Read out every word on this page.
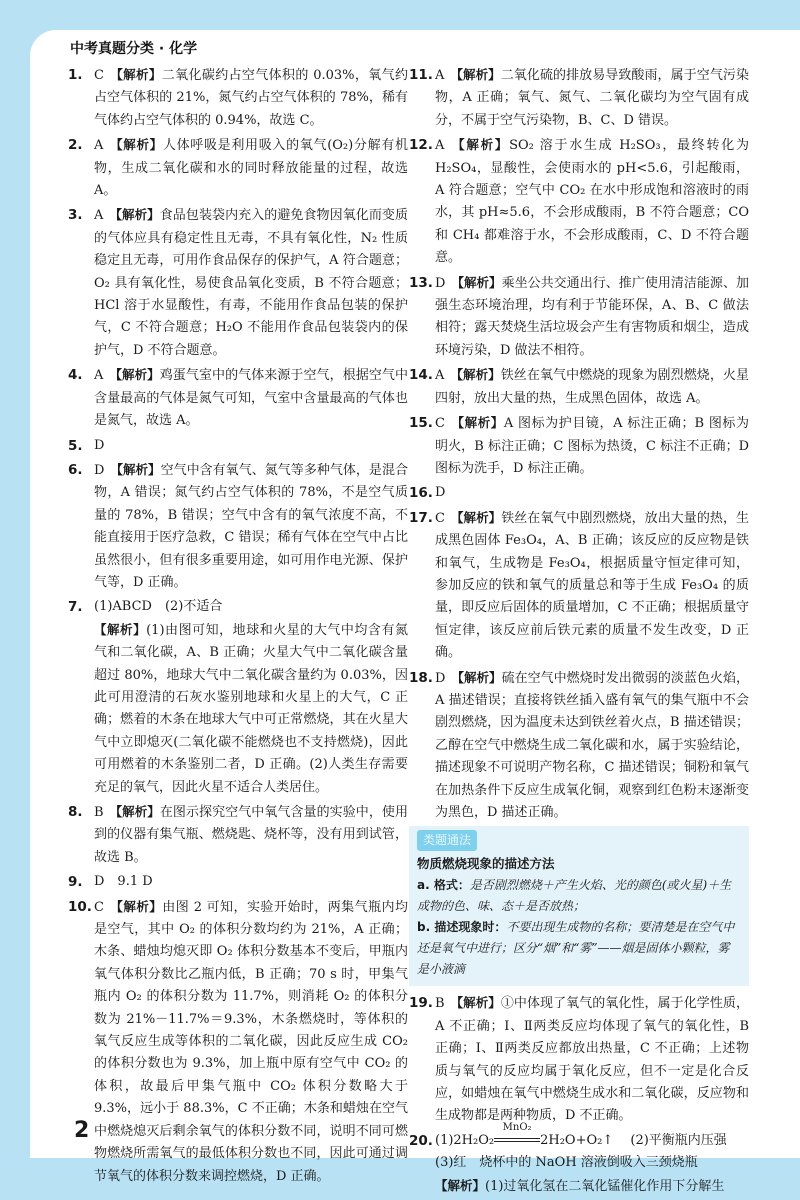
中考真题分类 · 化学
1. C 【解析】二氧化碳约占空气体积的 0.03%，氧气约占空气体积的 21%，氮气约占空气体积的 78%，稀有气体约占空气体积的 0.94%，故选 C。
2. A 【解析】人体呼吸是利用吸入的氧气(O₂)分解有机物，生成二氧化碳和水的同时释放能量的过程，故选 A。
3. A 【解析】食品包装袋内充入的避免食物因氧化而变质的气体应具有稳定性且无毒，不具有氧化性，N₂ 性质稳定且无毒，可用作食品保存的保护气，A 符合题意；O₂ 具有氧化性，易使食品氧化变质，B 不符合题意；HCl 溶于水显酸性，有毒，不能用作食品包装的保护气，C 不符合题意；H₂O 不能用作食品包装袋内的保护气，D 不符合题意。
4. A 【解析】鸡蛋气室中的气体来源于空气，根据空气中含量最高的气体是氮气可知，气室中含量最高的气体也是氮气，故选 A。
5. D
6. D 【解析】空气中含有氧气、氮气等多种气体，是混合物，A 错误；氮气约占空气体积的 78%，不是空气质量的 78%，B 错误；空气中含有的氧气浓度不高，不能直接用于医疗急救，C 错误；稀有气体在空气中占比虽然很小，但有很多重要用途，如可用作电光源、保护气等，D 正确。
7. (1)ABCD　(2)不适合
【解析】(1)由图可知，地球和火星的大气中均含有氮气和二氧化碳，A、B 正确；火星大气中二氧化碳含量超过 80%，地球大气中二氧化碳含量约为 0.03%，因此可用澄清的石灰水鉴别地球和火星上的大气，C 正确；燃着的木条在地球大气中可正常燃烧，其在火星大气中立即熄灭(二氧化碳不能燃烧也不支持燃烧)，因此可用燃着的木条鉴别二者，D 正确。(2)人类生存需要充足的氧气，因此火星不适合人类居住。
8. B 【解析】在图示探究空气中氧气含量的实验中，使用到的仪器有集气瓶、燃烧匙、烧杯等，没有用到试管，故选 B。
9. D　9.1 D
10. C 【解析】由图 2 可知，实验开始时，两集气瓶内均是空气，其中 O₂ 的体积分数均约为 21%，A 正确；木条、蜡烛均熄灭即 O₂ 体积分数基本不变后，甲瓶内氧气体积分数比乙瓶内低，B 正确；70 s 时，甲集气瓶内 O₂ 的体积分数为 11.7%，则消耗 O₂ 的体积分数为 21%－11.7%＝9.3%，木条燃烧时，等体积的氧气反应生成等体积的二氧化碳，因此反应生成 CO₂ 的体积分数也为 9.3%，加上瓶中原有空气中 CO₂ 的体积，故最后甲集气瓶中 CO₂ 体积分数略大于 9.3%，远小于 88.3%，C 不正确；木条和蜡烛在空气中燃烧熄灭后剩余氧气的体积分数不同，说明不同可燃物燃烧所需氧气的最低体积分数也不同，因此可通过调节氧气的体积分数来调控燃烧，D 正确。
11. A 【解析】二氧化硫的排放易导致酸雨，属于空气污染物，A 正确；氧气、氮气、二氧化碳均为空气固有成分，不属于空气污染物，B、C、D 错误。
12. A 【解析】SO₂ 溶于水生成 H₂SO₃，最终转化为 H₂SO₄，显酸性，会使雨水的 pH<5.6，引起酸雨，A 符合题意；空气中 CO₂ 在水中形成饱和溶液时的雨水，其 pH≈5.6，不会形成酸雨，B 不符合题意；CO 和 CH₄ 都难溶于水，不会形成酸雨，C、D 不符合题意。
13. D 【解析】乘坐公共交通出行、推广使用清洁能源、加强生态环境治理，均有利于节能环保，A、B、C 做法相符；露天焚烧生活垃圾会产生有害物质和烟尘，造成环境污染，D 做法不相符。
14. A 【解析】铁丝在氧气中燃烧的现象为剧烈燃烧，火星四射，放出大量的热，生成黑色固体，故选 A。
15. C 【解析】A 图标为护目镜，A 标注正确；B 图标为明火，B 标注正确；C 图标为热烫，C 标注不正确；D 图标为洗手，D 标注正确。
16. D
17. C 【解析】铁丝在氧气中剧烈燃烧，放出大量的热，生成黑色固体 Fe₃O₄，A、B 正确；该反应的反应物是铁和氧气，生成物是 Fe₃O₄，根据质量守恒定律可知，参加反应的铁和氧气的质量总和等于生成 Fe₃O₄ 的质量，即反应后固体的质量增加，C 不正确；根据质量守恒定律，该反应前后铁元素的质量不发生改变，D 正确。
18. D 【解析】硫在空气中燃烧时发出微弱的淡蓝色火焰，A 描述错误；直接将铁丝插入盛有氧气的集气瓶中不会剧烈燃烧，因为温度未达到铁丝着火点，B 描述错误；乙醇在空气中燃烧生成二氧化碳和水，属于实验结论，描述现象不可说明产物名称，C 描述错误；铜粉和氧气在加热条件下反应生成氧化铜，观察到红色粉末逐渐变为黑色，D 描述正确。
类题通法
物质燃烧现象的描述方法
a. 格式：是否剧烈燃烧＋产生火焰、光的颜色(或火星)＋生成物的色、味、态＋是否放热；
b. 描述现象时：不要出现生成物的名称；要清楚是在空气中还是氧气中进行；区分“烟”和“雾”——烟是固体小颗粒，雾是小液滴
19. B 【解析】①中体现了氧气的氧化性，属于化学性质，A 不正确；Ⅰ、Ⅱ两类反应均体现了氧气的氧化性，B 正确；Ⅰ、Ⅱ两类反应都放出热量，C 不正确；上述物质与氧气的反应均属于氧化反应，但不一定是化合反应，如蜡烛在氧气中燃烧生成水和二氧化碳，反应物和生成物都是两种物质，D 不正确。
20. (1)2H₂O₂
MnO₂
2H₂O+O₂↑ 　 (2)平衡瓶内压强
(3)红　烧杯中的 NaOH 溶液倒吸入三颈烧瓶
【解析】(1)过氧化氢在二氧化锰催化作用下分解生
2
